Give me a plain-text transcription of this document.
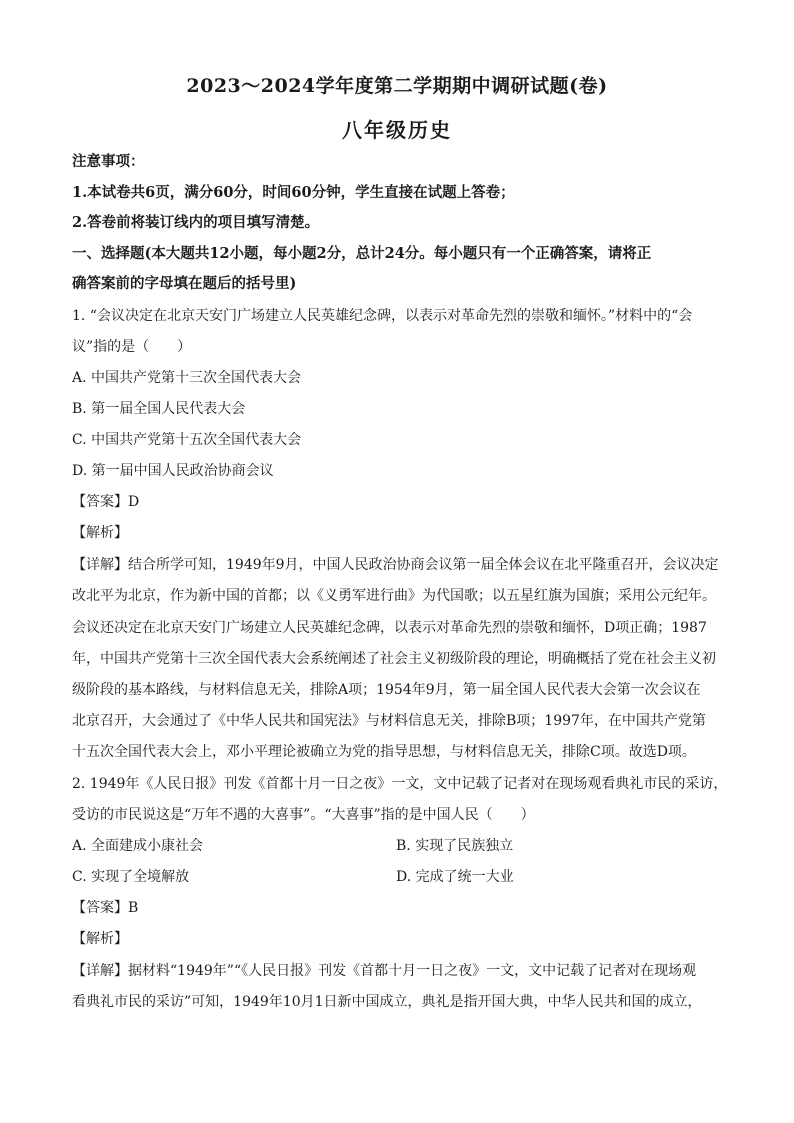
2023～2024学年度第二学期期中调研试题(卷)
八年级历史
注意事项：
1.本试卷共6页，满分60分，时间60分钟，学生直接在试题上答卷；
2.答卷前将装订线内的项目填写清楚。
一、选择题(本大题共12小题，每小题2分，总计24分。每小题只有一个正确答案，请将正
确答案前的字母填在题后的括号里)
1. “会议决定在北京天安门广场建立人民英雄纪念碑，以表示对革命先烈的崇敬和缅怀。”材料中的“会
议”指的是（　　）
A. 中国共产党第十三次全国代表大会
B. 第一届全国人民代表大会
C. 中国共产党第十五次全国代表大会
D. 第一届中国人民政治协商会议
【答案】D
【解析】
【详解】结合所学可知，1949年9月，中国人民政治协商会议第一届全体会议在北平隆重召开，会议决定
改北平为北京，作为新中国的首都；以《义勇军进行曲》为代国歌；以五星红旗为国旗；采用公元纪年。
会议还决定在北京天安门广场建立人民英雄纪念碑，以表示对革命先烈的崇敬和缅怀，D项正确；1987
年，中国共产党第十三次全国代表大会系统阐述了社会主义初级阶段的理论，明确概括了党在社会主义初
级阶段的基本路线，与材料信息无关，排除A项；1954年9月，第一届全国人民代表大会第一次会议在
北京召开，大会通过了《中华人民共和国宪法》与材料信息无关，排除B项；1997年，在中国共产党第
十五次全国代表大会上，邓小平理论被确立为党的指导思想，与材料信息无关，排除C项。故选D项。
2. 1949年《人民日报》刊发《首都十月一日之夜》一文，文中记载了记者对在现场观看典礼市民的采访，
受访的市民说这是“万年不遇的大喜事”。“大喜事”指的是中国人民（　　）
A. 全面建成小康社会	B. 实现了民族独立
C. 实现了全境解放	D. 完成了统一大业
【答案】B
【解析】
【详解】据材料“1949年”“《人民日报》刊发《首都十月一日之夜》一文，文中记载了记者对在现场观
看典礼市民的采访”可知，1949年10月1日新中国成立，典礼是指开国大典，中华人民共和国的成立，
